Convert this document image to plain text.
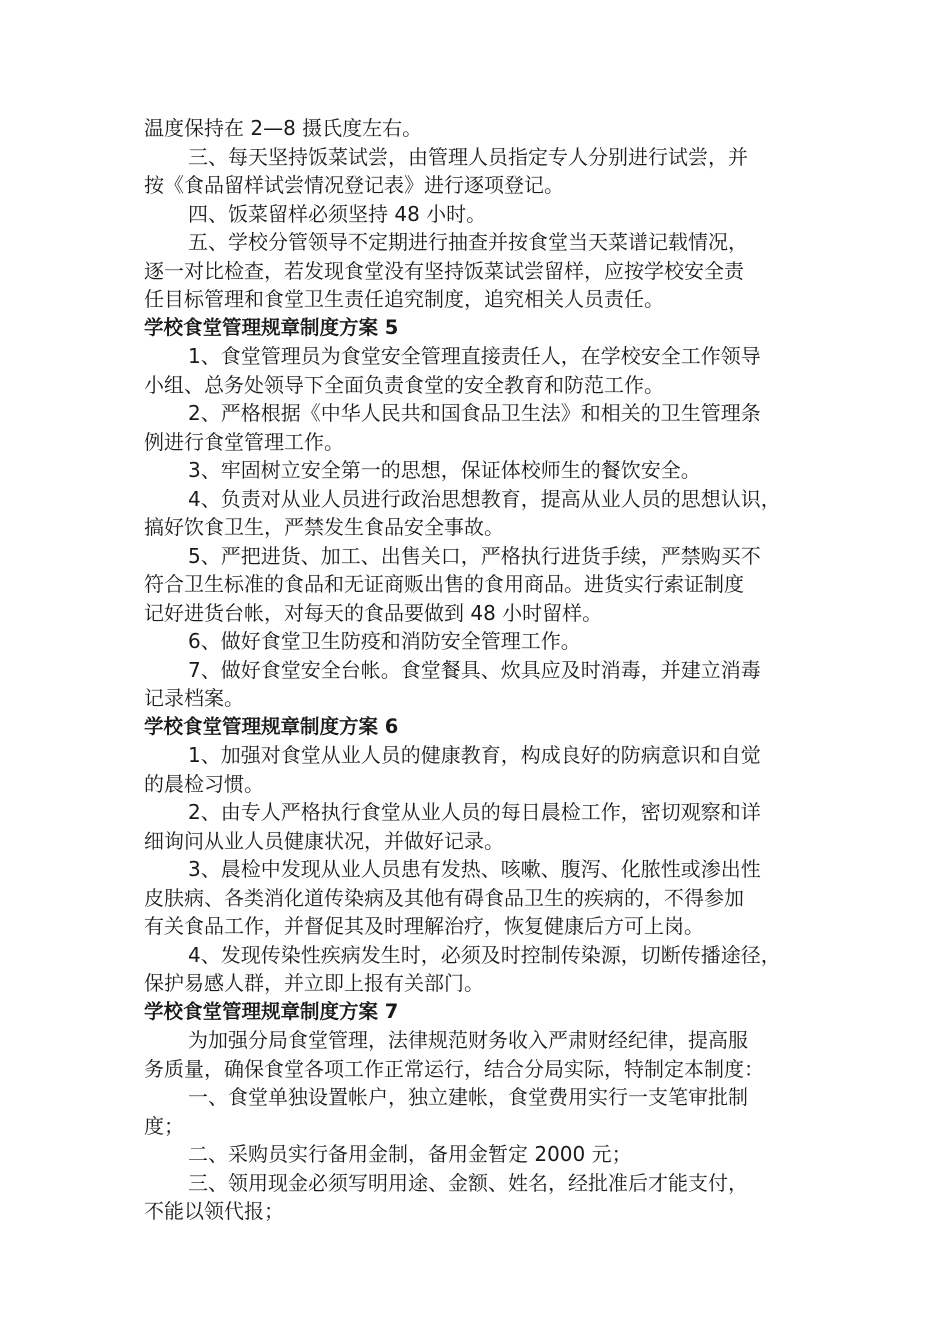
温度保持在 2—8 摄氏度左右。
三、每天坚持饭菜试尝，由管理人员指定专人分别进行试尝，并
按《食品留样试尝情况登记表》进行逐项登记。
四、饭菜留样必须坚持 48 小时。
五、学校分管领导不定期进行抽查并按食堂当天菜谱记载情况，
逐一对比检查，若发现食堂没有坚持饭菜试尝留样，应按学校安全责
任目标管理和食堂卫生责任追究制度，追究相关人员责任。
学校食堂管理规章制度方案 5
1、食堂管理员为食堂安全管理直接责任人，在学校安全工作领导
小组、总务处领导下全面负责食堂的安全教育和防范工作。
2、严格根据《中华人民共和国食品卫生法》和相关的卫生管理条
例进行食堂管理工作。
3、牢固树立安全第一的思想，保证体校师生的餐饮安全。
4、负责对从业人员进行政治思想教育，提高从业人员的思想认识，
搞好饮食卫生，严禁发生食品安全事故。
5、严把进货、加工、出售关口，严格执行进货手续，严禁购买不
符合卫生标准的食品和无证商贩出售的食用商品。进货实行索证制度
记好进货台帐，对每天的食品要做到 48 小时留样。
6、做好食堂卫生防疫和消防安全管理工作。
7、做好食堂安全台帐。食堂餐具、炊具应及时消毒，并建立消毒
记录档案。
学校食堂管理规章制度方案 6
1、加强对食堂从业人员的健康教育，构成良好的防病意识和自觉
的晨检习惯。
2、由专人严格执行食堂从业人员的每日晨检工作，密切观察和详
细询问从业人员健康状况，并做好记录。
3、晨检中发现从业人员患有发热、咳嗽、腹泻、化脓性或渗出性
皮肤病、各类消化道传染病及其他有碍食品卫生的疾病的，不得参加
有关食品工作，并督促其及时理解治疗，恢复健康后方可上岗。
4、发现传染性疾病发生时，必须及时控制传染源，切断传播途径，
保护易感人群，并立即上报有关部门。
学校食堂管理规章制度方案 7
为加强分局食堂管理，法律规范财务收入严肃财经纪律，提高服
务质量，确保食堂各项工作正常运行，结合分局实际，特制定本制度：
一、食堂单独设置帐户，独立建帐，食堂费用实行一支笔审批制
度；
二、采购员实行备用金制，备用金暂定 2000 元；
三、领用现金必须写明用途、金额、姓名，经批准后才能支付，
不能以领代报；
